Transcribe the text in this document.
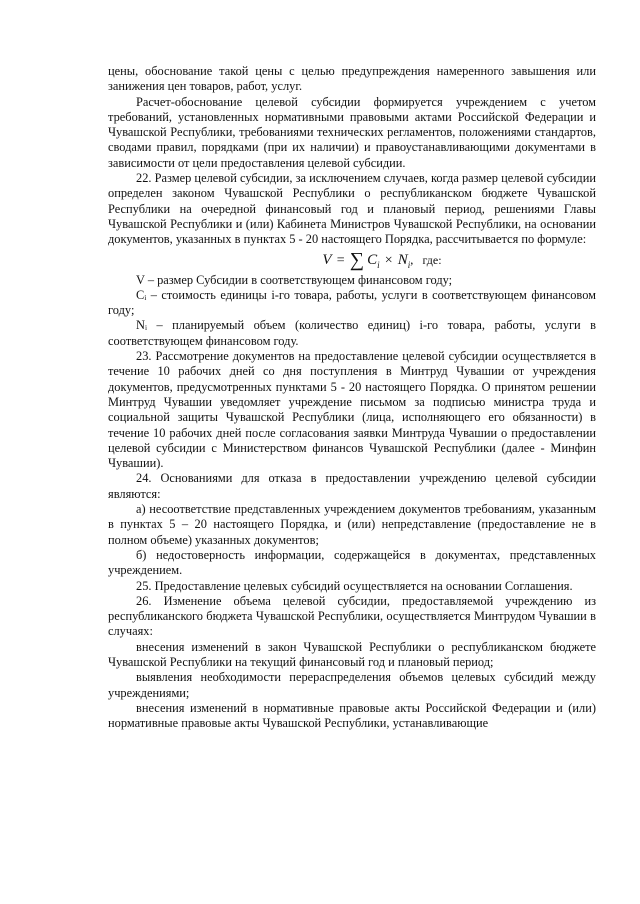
цены, обоснование такой цены с целью предупреждения намеренного завышения или занижения цен товаров, работ, услуг.

Расчет-обоснование целевой субсидии формируется учреждением с учетом требований, установленных нормативными правовыми актами Российской Федерации и Чувашской Республики, требованиями технических регламентов, положениями стандартов, сводами правил, порядками (при их наличии) и правоустанавливающими документами в зависимости от цели предоставления целевой субсидии.

22. Размер целевой субсидии, за исключением случаев, когда размер целевой субсидии определен законом Чувашской Республики о республиканском бюджете Чувашской Республики на очередной финансовый год и плановый период, решениями Главы Чувашской Республики и (или) Кабинета Министров Чувашской Республики, на основании документов, указанных в пунктах 5 - 20 настоящего Порядка, рассчитывается по формуле:

V = ∑ $C_i \times N_i$, где:

V – размер Субсидии в соответствующем финансовом году;

Cᵢ – стоимость единицы i-го товара, работы, услуги в соответствующем финансовом году;

Nᵢ – планируемый объем (количество единиц) i-го товара, работы, услуги в соответствующем финансовом году.

23. Рассмотрение документов на предоставление целевой субсидии осуществляется в течение 10 рабочих дней со дня поступления в Минтруд Чувашии от учреждения документов, предусмотренных пунктами 5 - 20 настоящего Порядка. О принятом решении Минтруд Чувашии уведомляет учреждение письмом за подписью министра труда и социальной защиты Чувашской Республики (лица, исполняющего его обязанности) в течение 10 рабочих дней после согласования заявки Минтруда Чувашии о предоставлении целевой субсидии с Министерством финансов Чувашской Республики (далее - Минфин Чувашии).

24. Основаниями для отказа в предоставлении учреждению целевой субсидии являются:

а) несоответствие представленных учреждением документов требованиям, указанным в пунктах 5 – 20 настоящего Порядка, и (или) непредставление (предоставление не в полном объеме) указанных документов;

б) недостоверность информации, содержащейся в документах, представленных учреждением.

25. Предоставление целевых субсидий осуществляется на основании Соглашения.

26. Изменение объема целевой субсидии, предоставляемой учреждению из республиканского бюджета Чувашской Республики, осуществляется Минтрудом Чувашии в случаях:

внесения изменений в закон Чувашской Республики о республиканском бюджете Чувашской Республики на текущий финансовый год и плановый период;

выявления необходимости перераспределения объемов целевых субсидий между учреждениями;

внесения изменений в нормативные правовые акты Российской Федерации и (или) нормативные правовые акты Чувашской Республики, устанавливающие
